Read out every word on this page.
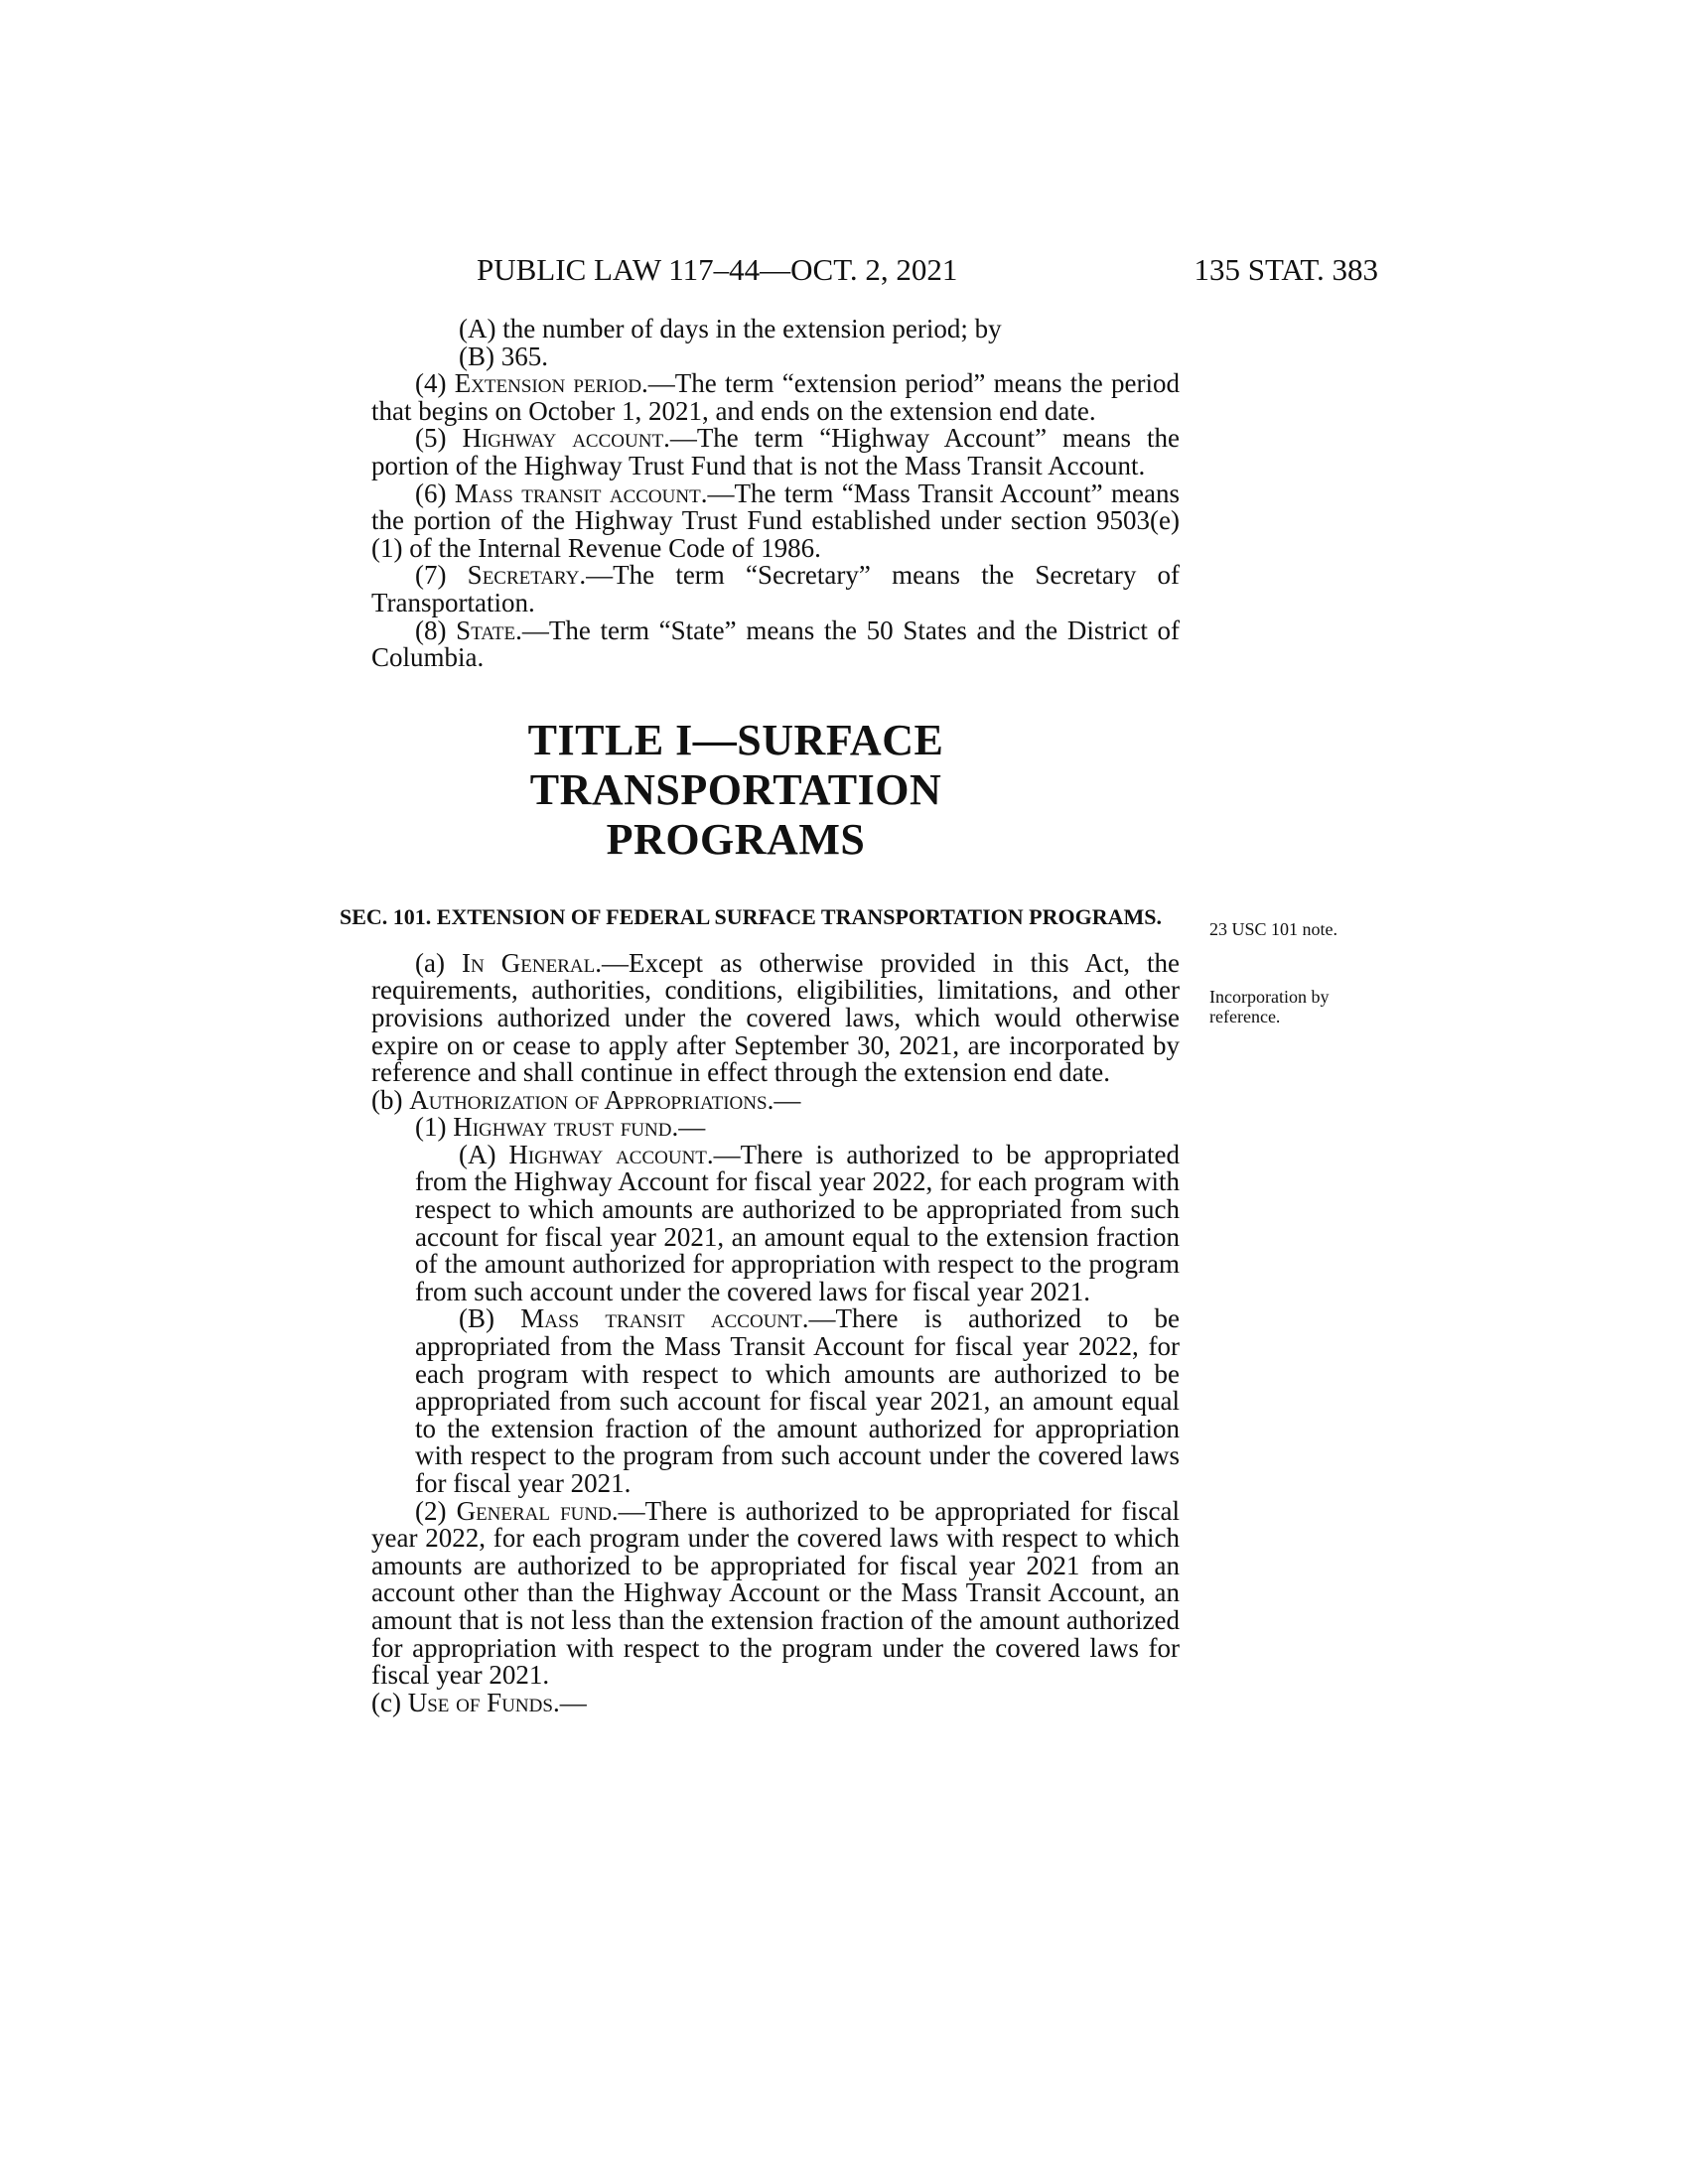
PUBLIC LAW 117–44—OCT. 2, 2021	135 STAT. 383
23 USC 101 note.
Incorporation by reference.

(A) the number of days in the extension period; by

(B) 365.

(4) Extension period.—The term “extension period” means the period that begins on October 1, 2021, and ends on the extension end date.

(5) Highway account.—The term “Highway Account” means the portion of the Highway Trust Fund that is not the Mass Transit Account.

(6) Mass transit account.—The term “Mass Transit Account” means the portion of the Highway Trust Fund established under section 9503(e)(1) of the Internal Revenue Code of 1986.

(7) Secretary.—The term “Secretary” means the Secretary of Transportation.

(8) State.—The term “State” means the 50 States and the District of Columbia.

TITLE I—SURFACE TRANSPORTATION
PROGRAMS
SEC. 101. EXTENSION OF FEDERAL SURFACE TRANSPORTATION PROGRAMS.

(a) In General.—Except as otherwise provided in this Act, the requirements, authorities, conditions, eligibilities, limitations, and other provisions authorized under the covered laws, which would otherwise expire on or cease to apply after September 30, 2021, are incorporated by reference and shall continue in effect through the extension end date.

(b) Authorization of Appropriations.—

(1) Highway trust fund.—

(A) Highway account.—There is authorized to be appropriated from the Highway Account for fiscal year 2022, for each program with respect to which amounts are authorized to be appropriated from such account for fiscal year 2021, an amount equal to the extension fraction of the amount authorized for appropriation with respect to the program from such account under the covered laws for fiscal year 2021.

(B) Mass transit account.—There is authorized to be appropriated from the Mass Transit Account for fiscal year 2022, for each program with respect to which amounts are authorized to be appropriated from such account for fiscal year 2021, an amount equal to the extension fraction of the amount authorized for appropriation with respect to the program from such account under the covered laws for fiscal year 2021.

(2) General fund.—There is authorized to be appropriated for fiscal year 2022, for each program under the covered laws with respect to which amounts are authorized to be appropriated for fiscal year 2021 from an account other than the Highway Account or the Mass Transit Account, an amount that is not less than the extension fraction of the amount authorized for appropriation with respect to the program under the covered laws for fiscal year 2021.

(c) Use of Funds.—
